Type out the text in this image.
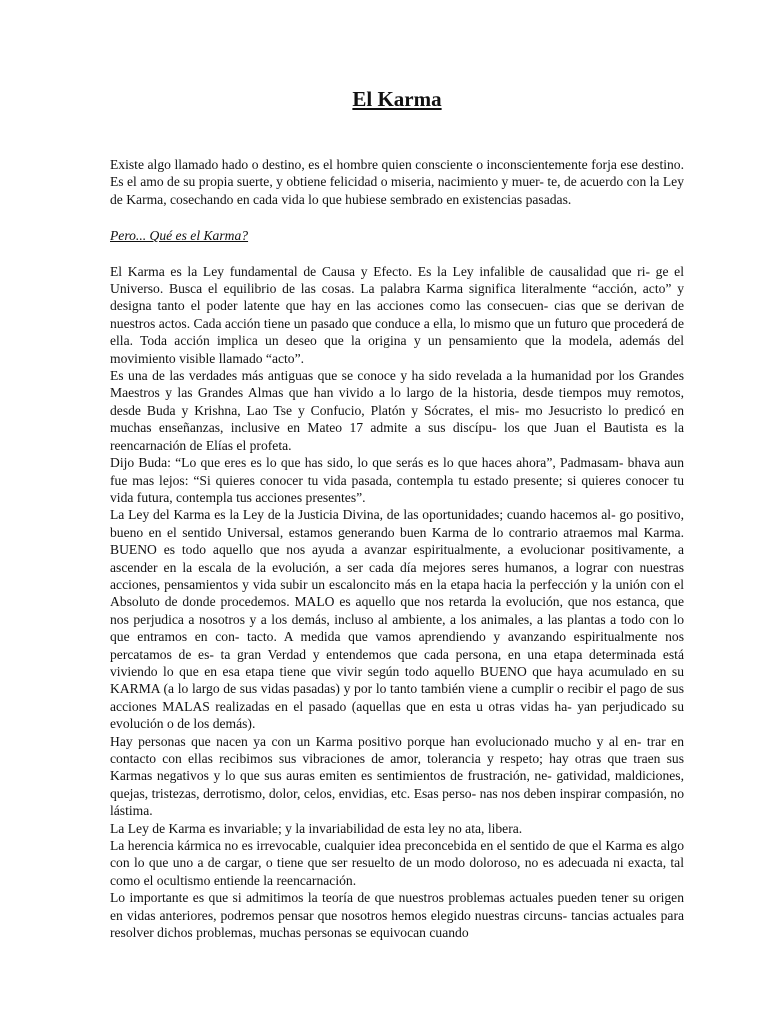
El Karma

Existe algo llamado hado o destino, es el hombre quien consciente o inconscientemente forja ese destino. Es el amo de su propia suerte, y obtiene felicidad o miseria, nacimiento y muer- te, de acuerdo con la Ley de Karma, cosechando en cada vida lo que hubiese sembrado en existencias pasadas.

Pero... Qué es el Karma?

El Karma es la Ley fundamental de Causa y Efecto. Es la Ley infalible de causalidad que ri- ge el Universo. Busca el equilibrio de las cosas. La palabra Karma significa literalmente “acción, acto” y designa tanto el poder latente que hay en las acciones como las consecuen- cias que se derivan de nuestros actos. Cada acción tiene un pasado que conduce a ella, lo mismo que un futuro que procederá de ella. Toda acción implica un deseo que la origina y un pensamiento que la modela, además del movimiento visible llamado “acto”.

Es una de las verdades más antiguas que se conoce y ha sido revelada a la humanidad por los Grandes Maestros y las Grandes Almas que han vivido a lo largo de la historia, desde tiempos muy remotos, desde Buda y Krishna, Lao Tse y Confucio, Platón y Sócrates, el mis- mo Jesucristo lo predicó en muchas enseñanzas, inclusive en Mateo 17 admite a sus discípu- los que Juan el Bautista es la reencarnación de Elías el profeta.

Dijo Buda: “Lo que eres es lo que has sido, lo que serás es lo que haces ahora”, Padmasam- bhava aun fue mas lejos: “Si quieres conocer tu vida pasada, contempla tu estado presente; si quieres conocer tu vida futura, contempla tus acciones presentes”.

La Ley del Karma es la Ley de la Justicia Divina, de las oportunidades; cuando hacemos al- go positivo, bueno en el sentido Universal, estamos generando buen Karma de lo contrario atraemos mal Karma. BUENO es todo aquello que nos ayuda a avanzar espiritualmente, a evolucionar positivamente, a ascender en la escala de la evolución, a ser cada día mejores seres humanos, a lograr con nuestras acciones, pensamientos y vida subir un escaloncito más en la etapa hacia la perfección y la unión con el Absoluto de donde procedemos. MALO es aquello que nos retarda la evolución, que nos estanca, que nos perjudica a nosotros y a los demás, incluso al ambiente, a los animales, a las plantas a todo con lo que entramos en con- tacto. A medida que vamos aprendiendo y avanzando espiritualmente nos percatamos de es- ta gran Verdad y entendemos que cada persona, en una etapa determinada está viviendo lo que en esa etapa tiene que vivir según todo aquello BUENO que haya acumulado en su KARMA (a lo largo de sus vidas pasadas) y por lo tanto también viene a cumplir o recibir el pago de sus acciones MALAS realizadas en el pasado (aquellas que en esta u otras vidas ha- yan perjudicado su evolución o de los demás).

Hay personas que nacen ya con un Karma positivo porque han evolucionado mucho y al en- trar en contacto con ellas recibimos sus vibraciones de amor, tolerancia y respeto; hay otras que traen sus Karmas negativos y lo que sus auras emiten es sentimientos de frustración, ne- gatividad, maldiciones, quejas, tristezas, derrotismo, dolor, celos, envidias, etc. Esas perso- nas nos deben inspirar compasión, no lástima.

La Ley de Karma es invariable; y la invariabilidad de esta ley no ata, libera.

La herencia kármica no es irrevocable, cualquier idea preconcebida en el sentido de que el Karma es algo con lo que uno a de cargar, o tiene que ser resuelto de un modo doloroso, no es adecuada ni exacta, tal como el ocultismo entiende la reencarnación.

Lo importante es que si admitimos la teoría de que nuestros problemas actuales pueden tener su origen en vidas anteriores, podremos pensar que nosotros hemos elegido nuestras circuns- tancias actuales para resolver dichos problemas, muchas personas se equivocan cuando
